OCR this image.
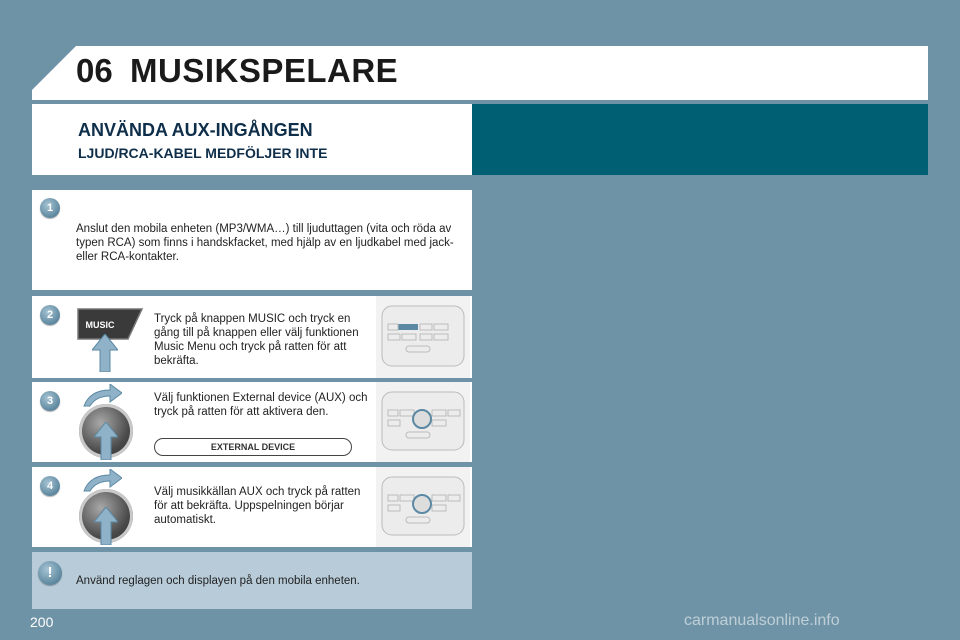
06 MUSIKSPELARE
ANVÄNDA AUX-INGÅNGEN
LJUD/RCA-KABEL MEDFÖLJER INTE
1
Anslut den mobila enheten (MP3/WMA…) till ljuduttagen (vita och röda av typen RCA) som finns i handskfacket, med hjälp av en ljudkabel med jack- eller RCA-kontakter.
2
MUSIC	Tryck på knappen MUSIC och tryck en gång till på knappen eller välj funktionen Music Menu och tryck på ratten för att bekräfta.
3	Välj funktionen External device (AUX) och tryck på ratten för att aktivera den.
EXTERNAL DEVICE
4	Välj musikkällan AUX och tryck på ratten för att bekräfta. Uppspelningen börjar automatiskt.
!	Använd reglagen och displayen på den mobila enheten.
200	carmanualsonline.info
